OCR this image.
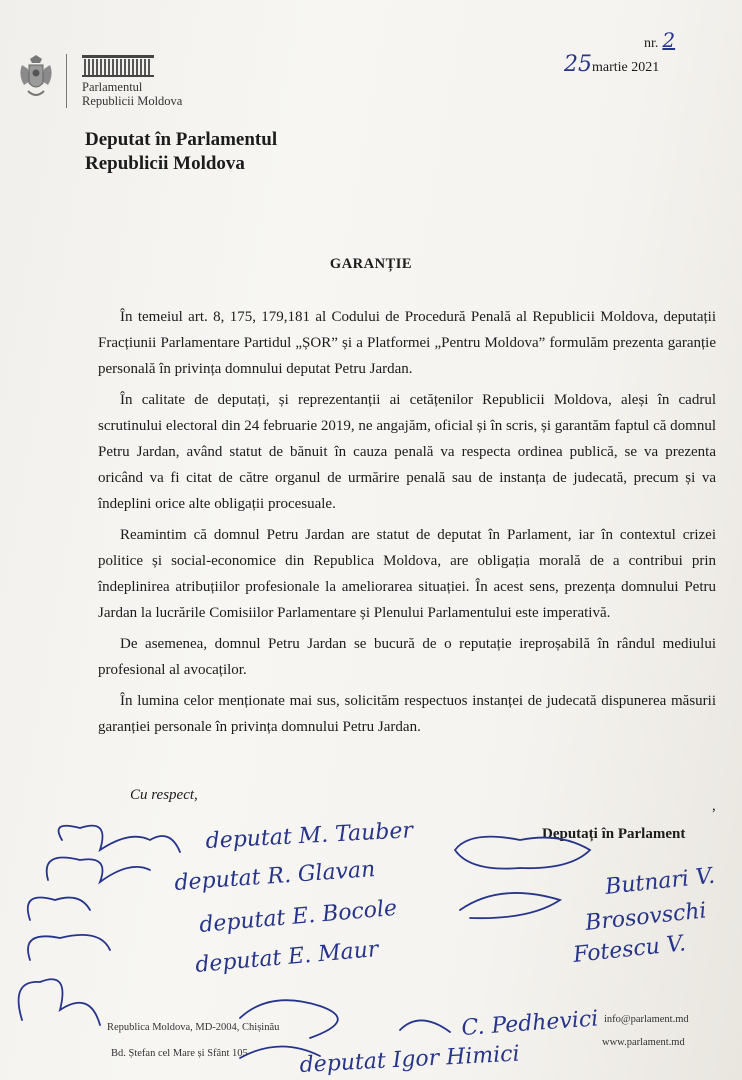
Parlamentul
Republicii Moldova
nr. 2
25martie 2021
Deputat în Parlamentul
Republicii Moldova
GARANȚIE

În temeiul art. 8, 175, 179,181 al Codului de Procedură Penală al Republicii Moldova, deputații Fracțiunii Parlamentare Partidul „ȘOR” și a Platformei „Pentru Moldova” formulăm prezenta garanție personală în privința domnului deputat Petru Jardan.

În calitate de deputați, și reprezentanții ai cetățenilor Republicii Moldova, aleși în cadrul scrutinului electoral din 24 februarie 2019, ne angajăm, oficial și în scris, și garantăm faptul că domnul Petru Jardan, având statut de bănuit în cauza penală va respecta ordinea publică, se va prezenta oricând va fi citat de către organul de urmărire penală sau de instanța de judecată, precum și va îndeplini orice alte obligații procesuale.

Reamintim că domnul Petru Jardan are statut de deputat în Parlament, iar în contextul crizei politice și social-economice din Republica Moldova, are obligația morală de a contribui prin îndeplinirea atribuțiilor profesionale la ameliorarea situației. În acest sens, prezența domnului Petru Jardan la lucrările Comisiilor Parlamentare și Plenului Parlamentului este imperativă.

De asemenea, domnul Petru Jardan se bucură de o reputație ireproșabilă în rândul mediului profesional al avocaților.

În lumina celor menționate mai sus, solicităm respectuos instanței de judecată dispunerea măsurii garanției personale în privința domnului Petru Jardan.

Cu respect,
,
Deputați în Parlament
deputat M. Tauber
deputat R. Glavan
deputat E. Bocole
deputat E. Maur
deputat Igor Himici
C. Pedhevici
Butnari V.
Brosovschi
Fotescu V.
Republica Moldova, MD-2004, Chișinău
Bd. Ștefan cel Mare și Sfânt 105
info@parlament.md
www.parlament.md
